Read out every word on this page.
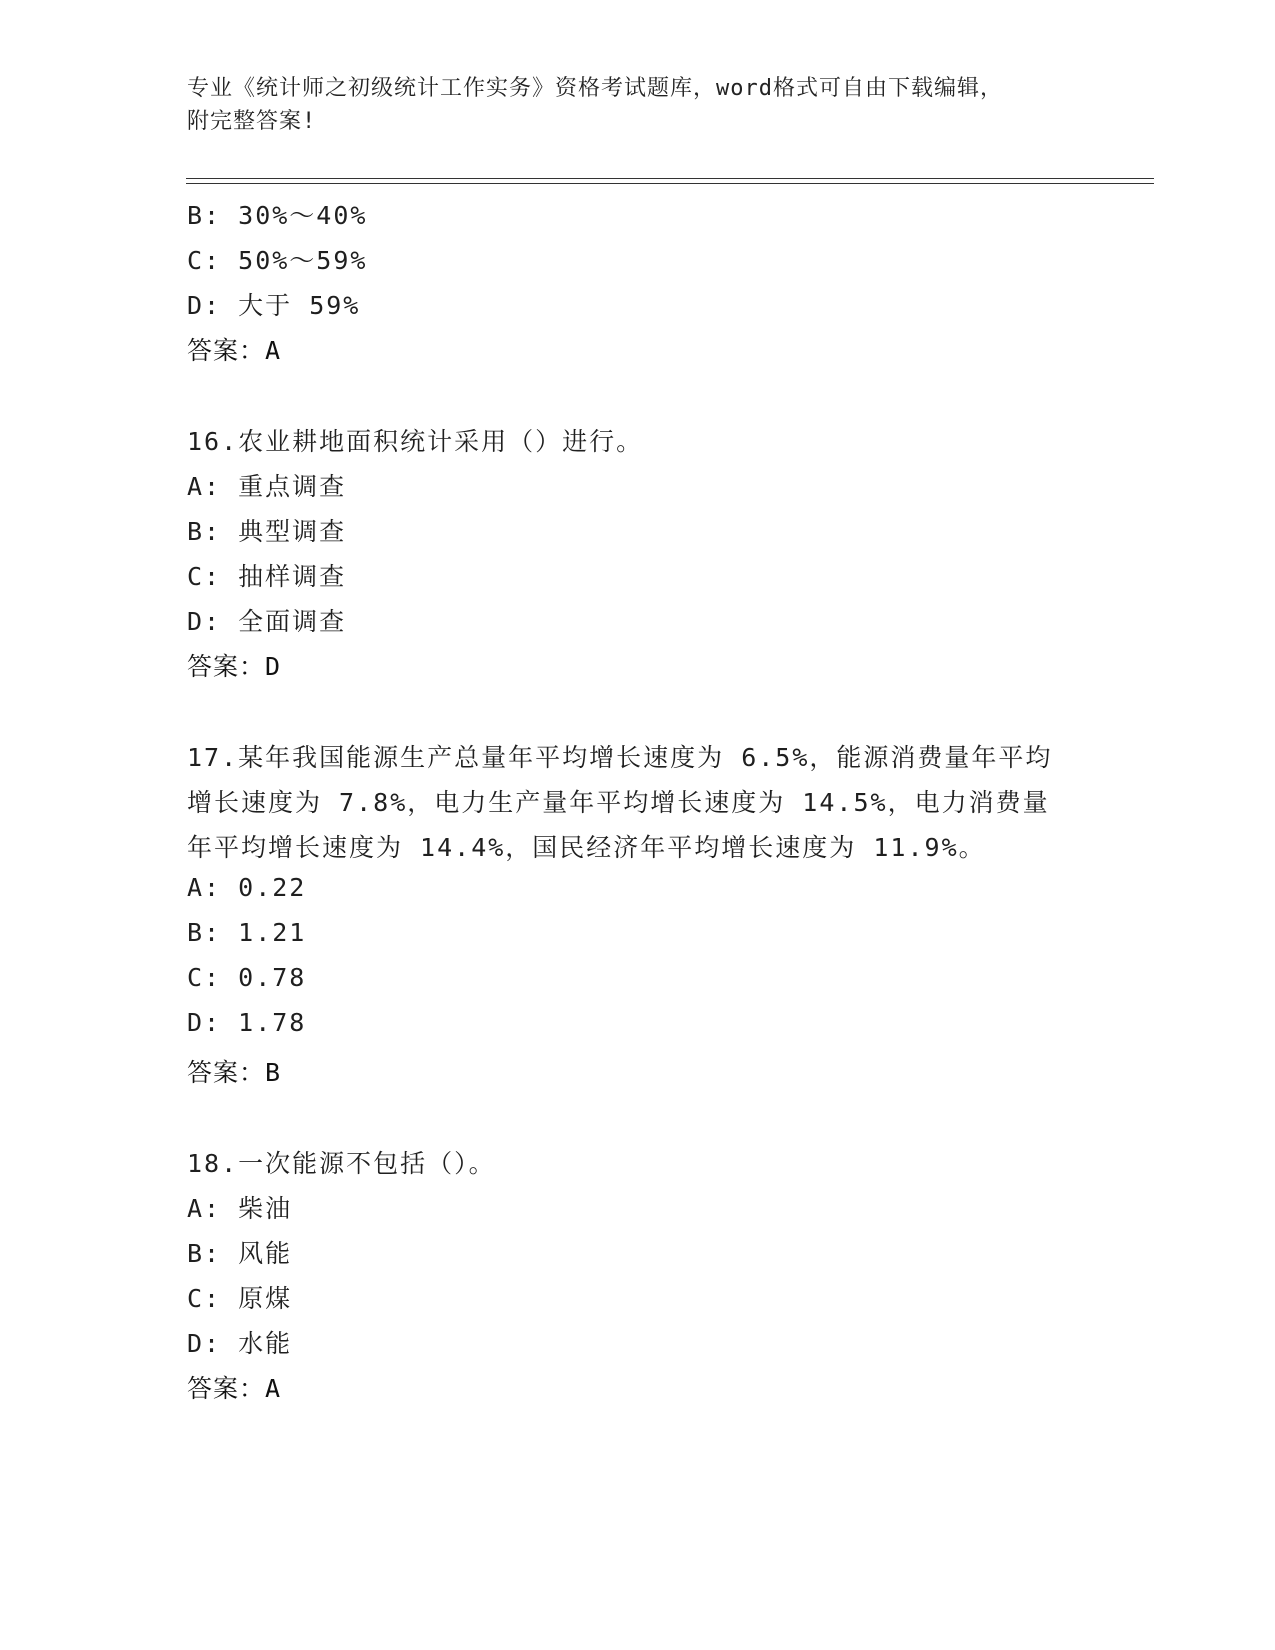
专业《统计师之初级统计工作实务》资格考试题库，word格式可自由下载编辑，
附完整答案!
B: 30%～40%
C: 50%～59%
D: 大于 59%
答案：A
16.农业耕地面积统计采用（）进行。
A: 重点调查
B: 典型调查
C: 抽样调查
D: 全面调查
答案：D
17.某年我国能源生产总量年平均增长速度为 6.5%，能源消费量年平均
增长速度为 7.8%，电力生产量年平均增长速度为 14.5%，电力消费量
年平均增长速度为 14.4%，国民经济年平均增长速度为 11.9%。
A: 0.22
B: 1.21
C: 0.78
D: 1.78
答案：B
18.一次能源不包括（）。
A: 柴油
B: 风能
C: 原煤
D: 水能
答案：A
